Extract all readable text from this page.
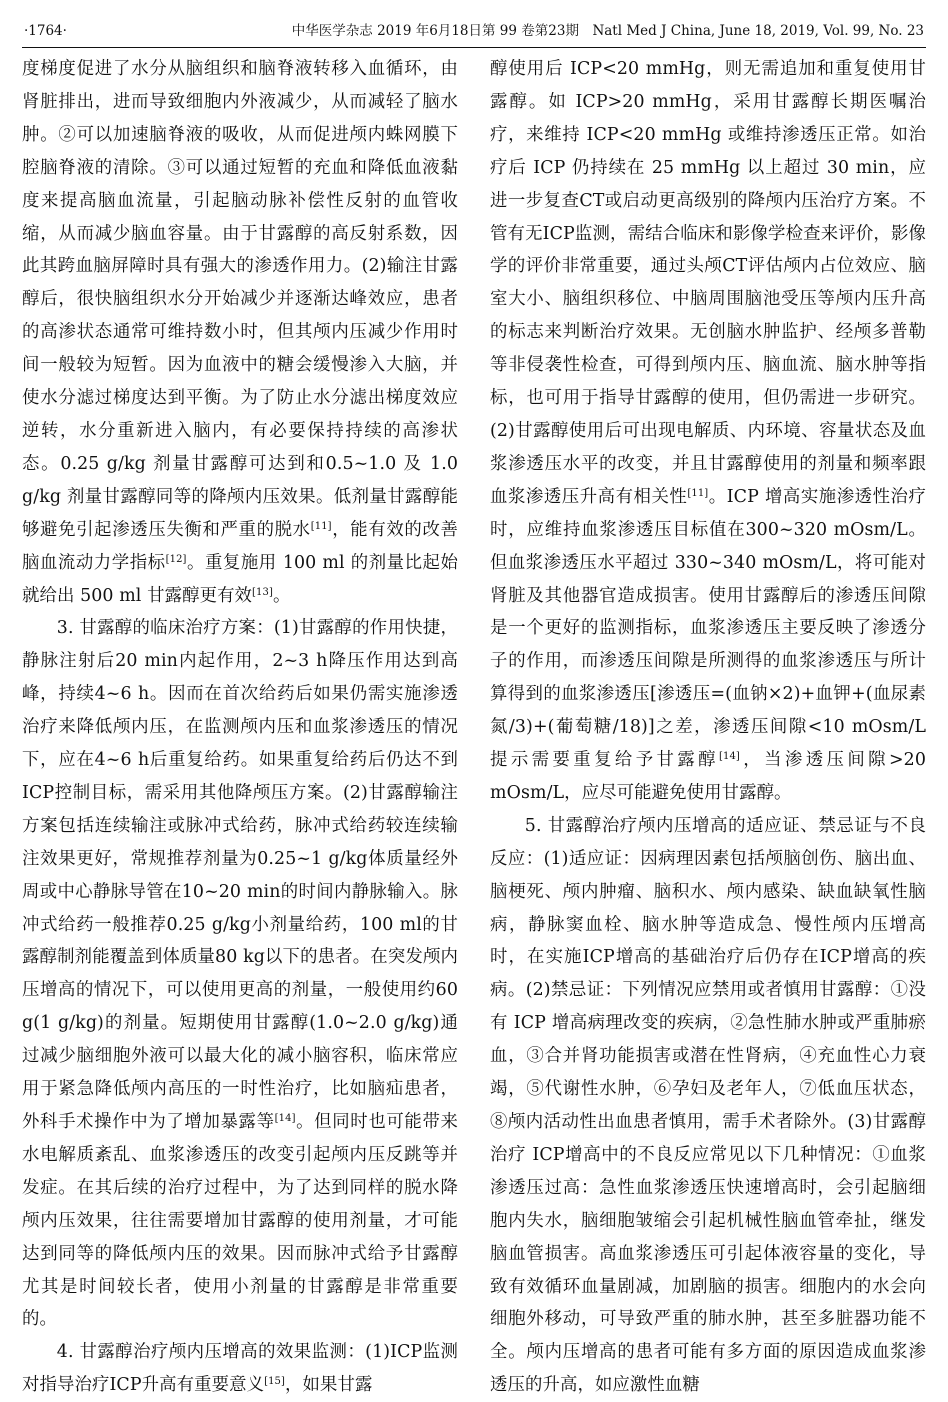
·1764·	中华医学杂志 2019 年6月18日第 99 卷第23期　Natl Med J China, June 18, 2019, Vol. 99, No. 23

度梯度促进了水分从脑组织和脑脊液转移入血循环，由肾脏排出，进而导致细胞内外液减少，从而减轻了脑水肿。②可以加速脑脊液的吸收，从而促进颅内蛛网膜下腔脑脊液的清除。③可以通过短暂的充血和降低血液黏度来提高脑血流量，引起脑动脉补偿性反射的血管收缩，从而减少脑血容量。由于甘露醇的高反射系数，因此其跨血脑屏障时具有强大的渗透作用力。(2)输注甘露醇后，很快脑组织水分开始减少并逐渐达峰效应，患者的高渗状态通常可维持数小时，但其颅内压减少作用时间一般较为短暂。因为血液中的糖会缓慢渗入大脑，并使水分滤过梯度达到平衡。为了防止水分滤出梯度效应逆转，水分重新进入脑内，有必要保持持续的高渗状态。0.25 g/kg 剂量甘露醇可达到和0.5~1.0 及 1.0 g/kg 剂量甘露醇同等的降颅内压效果。低剂量甘露醇能够避免引起渗透压失衡和严重的脱水[11]，能有效的改善脑血流动力学指标[12]。重复施用 100 ml 的剂量比起始就给出 500 ml 甘露醇更有效[13]。

3. 甘露醇的临床治疗方案：(1)甘露醇的作用快捷，静脉注射后20 min内起作用，2~3 h降压作用达到高峰，持续4~6 h。因而在首次给药后如果仍需实施渗透治疗来降低颅内压，在监测颅内压和血浆渗透压的情况下，应在4~6 h后重复给药。如果重复给药后仍达不到ICP控制目标，需采用其他降颅压方案。(2)甘露醇输注方案包括连续输注或脉冲式给药，脉冲式给药较连续输注效果更好，常规推荐剂量为0.25~1 g/kg体质量经外周或中心静脉导管在10~20 min的时间内静脉输入。脉冲式给药一般推荐0.25 g/kg小剂量给药，100 ml的甘露醇制剂能覆盖到体质量80 kg以下的患者。在突发颅内压增高的情况下，可以使用更高的剂量，一般使用约60 g(1 g/kg)的剂量。短期使用甘露醇(1.0~2.0 g/kg)通过减少脑细胞外液可以最大化的减小脑容积，临床常应用于紧急降低颅内高压的一时性治疗，比如脑疝患者，外科手术操作中为了增加暴露等[14]。但同时也可能带来水电解质紊乱、血浆渗透压的改变引起颅内压反跳等并发症。在其后续的治疗过程中，为了达到同样的脱水降颅内压效果，往往需要增加甘露醇的使用剂量，才可能达到同等的降低颅内压的效果。因而脉冲式给予甘露醇尤其是时间较长者，使用小剂量的甘露醇是非常重要的。

4. 甘露醇治疗颅内压增高的效果监测：(1)ICP监测对指导治疗ICP升高有重要意义[15]，如果甘露

醇使用后 ICP<20 mmHg，则无需追加和重复使用甘露醇。如 ICP>20 mmHg，采用甘露醇长期医嘱治疗，来维持 ICP<20 mmHg 或维持渗透压正常。如治疗后 ICP 仍持续在 25 mmHg 以上超过 30 min，应进一步复查CT或启动更高级别的降颅内压治疗方案。不管有无ICP监测，需结合临床和影像学检查来评价，影像学的评价非常重要，通过头颅CT评估颅内占位效应、脑室大小、脑组织移位、中脑周围脑池受压等颅内压升高的标志来判断治疗效果。无创脑水肿监护、经颅多普勒等非侵袭性检查，可得到颅内压、脑血流、脑水肿等指标，也可用于指导甘露醇的使用，但仍需进一步研究。(2)甘露醇使用后可出现电解质、内环境、容量状态及血浆渗透压水平的改变，并且甘露醇使用的剂量和频率跟血浆渗透压升高有相关性[11]。ICP 增高实施渗透性治疗时，应维持血浆渗透压目标值在300~320 mOsm/L。但血浆渗透压水平超过 330~340 mOsm/L，将可能对肾脏及其他器官造成损害。使用甘露醇后的渗透压间隙是一个更好的监测指标，血浆渗透压主要反映了渗透分子的作用，而渗透压间隙是所测得的血浆渗透压与所计算得到的血浆渗透压[渗透压=(血钠×2)+血钾+(血尿素氮/3)+(葡萄糖/18)]之差，渗透压间隙<10 mOsm/L 提示需要重复给予甘露醇[14]，当渗透压间隙>20 mOsm/L，应尽可能避免使用甘露醇。

5. 甘露醇治疗颅内压增高的适应证、禁忌证与不良反应：(1)适应证：因病理因素包括颅脑创伤、脑出血、脑梗死、颅内肿瘤、脑积水、颅内感染、缺血缺氧性脑病，静脉窦血栓、脑水肿等造成急、慢性颅内压增高时，在实施ICP增高的基础治疗后仍存在ICP增高的疾病。(2)禁忌证：下列情况应禁用或者慎用甘露醇：①没有 ICP 增高病理改变的疾病，②急性肺水肿或严重肺瘀血，③合并肾功能损害或潜在性肾病，④充血性心力衰竭，⑤代谢性水肿，⑥孕妇及老年人，⑦低血压状态，⑧颅内活动性出血患者慎用，需手术者除外。(3)甘露醇治疗 ICP增高中的不良反应常见以下几种情况：①血浆渗透压过高：急性血浆渗透压快速增高时，会引起脑细胞内失水，脑细胞皱缩会引起机械性脑血管牵扯，继发脑血管损害。高血浆渗透压可引起体液容量的变化，导致有效循环血量剧减，加剧脑的损害。细胞内的水会向细胞外移动，可导致严重的肺水肿，甚至多脏器功能不全。颅内压增高的患者可能有多方面的原因造成血浆渗透压的升高，如应激性血糖
